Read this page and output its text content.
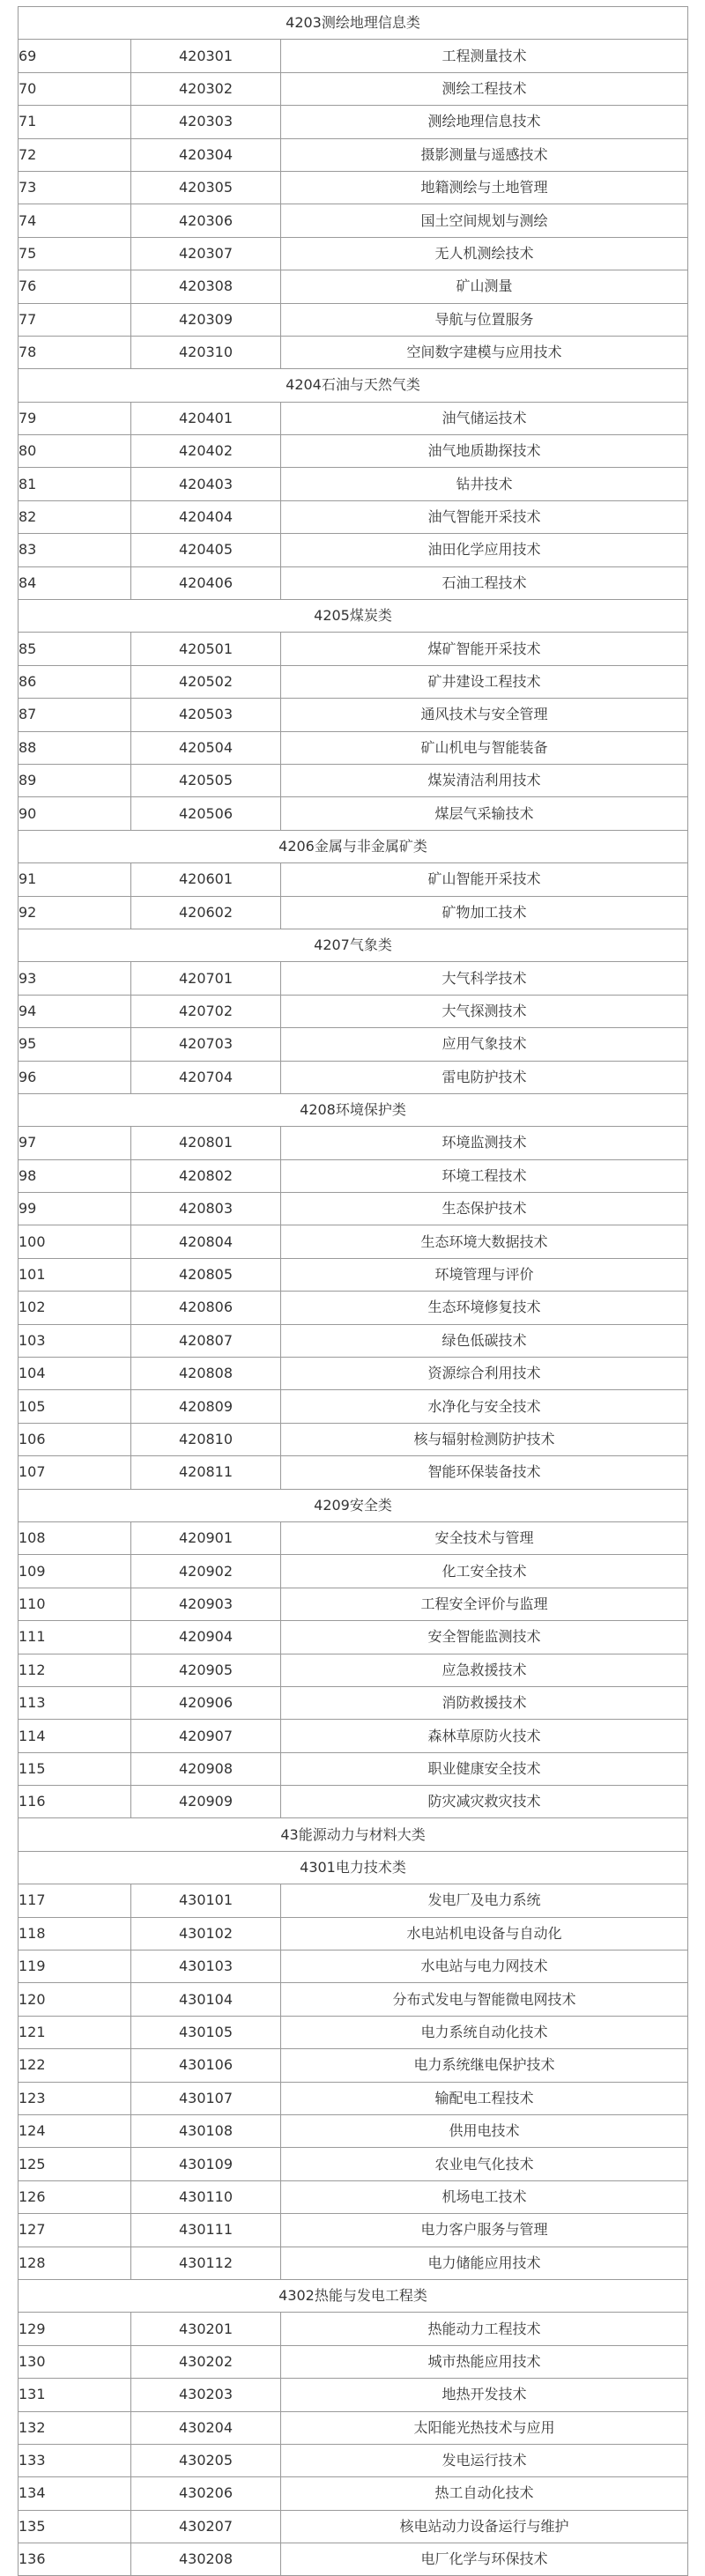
4203测绘地理信息类		
69	420301	工程测量技术
70	420302	测绘工程技术
71	420303	测绘地理信息技术
72	420304	摄影测量与遥感技术
73	420305	地籍测绘与土地管理
74	420306	国土空间规划与测绘
75	420307	无人机测绘技术
76	420308	矿山测量
77	420309	导航与位置服务
78	420310	空间数字建模与应用技术
4204石油与天然气类		
79	420401	油气储运技术
80	420402	油气地质勘探技术
81	420403	钻井技术
82	420404	油气智能开采技术
83	420405	油田化学应用技术
84	420406	石油工程技术
4205煤炭类		
85	420501	煤矿智能开采技术
86	420502	矿井建设工程技术
87	420503	通风技术与安全管理
88	420504	矿山机电与智能装备
89	420505	煤炭清洁利用技术
90	420506	煤层气采输技术
4206金属与非金属矿类		
91	420601	矿山智能开采技术
92	420602	矿物加工技术
4207气象类		
93	420701	大气科学技术
94	420702	大气探测技术
95	420703	应用气象技术
96	420704	雷电防护技术
4208环境保护类		
97	420801	环境监测技术
98	420802	环境工程技术
99	420803	生态保护技术
100	420804	生态环境大数据技术
101	420805	环境管理与评价
102	420806	生态环境修复技术
103	420807	绿色低碳技术
104	420808	资源综合利用技术
105	420809	水净化与安全技术
106	420810	核与辐射检测防护技术
107	420811	智能环保装备技术
4209安全类		
108	420901	安全技术与管理
109	420902	化工安全技术
110	420903	工程安全评价与监理
111	420904	安全智能监测技术
112	420905	应急救援技术
113	420906	消防救援技术
114	420907	森林草原防火技术
115	420908	职业健康安全技术
116	420909	防灾减灾救灾技术
43能源动力与材料大类		
4301电力技术类		
117	430101	发电厂及电力系统
118	430102	水电站机电设备与自动化
119	430103	水电站与电力网技术
120	430104	分布式发电与智能微电网技术
121	430105	电力系统自动化技术
122	430106	电力系统继电保护技术
123	430107	输配电工程技术
124	430108	供用电技术
125	430109	农业电气化技术
126	430110	机场电工技术
127	430111	电力客户服务与管理
128	430112	电力储能应用技术
4302热能与发电工程类		
129	430201	热能动力工程技术
130	430202	城市热能应用技术
131	430203	地热开发技术
132	430204	太阳能光热技术与应用
133	430205	发电运行技术
134	430206	热工自动化技术
135	430207	核电站动力设备运行与维护
136	430208	电厂化学与环保技术
